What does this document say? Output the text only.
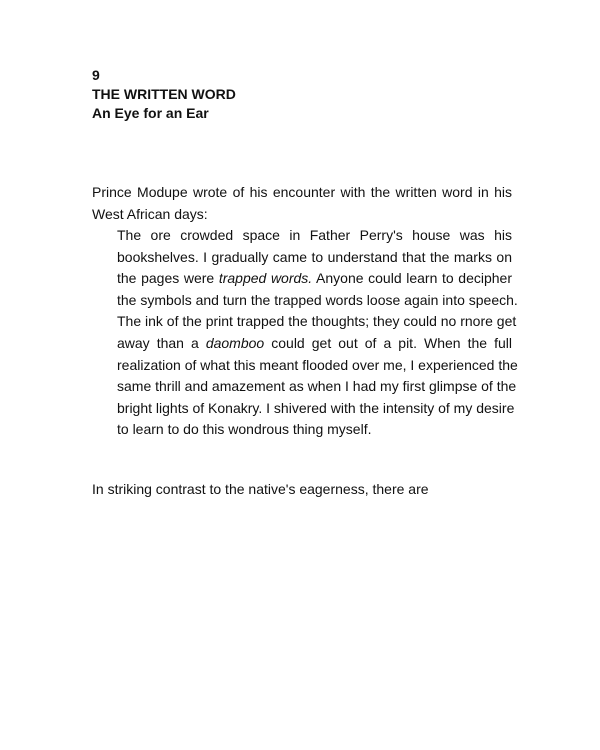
9
THE WRITTEN WORD
An Eye for an Ear
Prince Modupe wrote of his encounter with the written word in his
West African days:
The ore crowded space in Father Perry's house was his
bookshelves. I gradually came to understand that the marks on
the pages were trapped words. Anyone could learn to decipher
the symbols and turn the trapped words loose again into speech.
The ink of the print trapped the thoughts; they could no rnore get
away than a daomboo could get out of a pit. When the full
realization of what this meant flooded over me, I experienced the
same thrill and amazement as when I had my first glimpse of the
bright lights of Konakry. I shivered with the intensity of my desire
to learn to do this wondrous thing myself.
In striking contrast to the native's eagerness, there are
